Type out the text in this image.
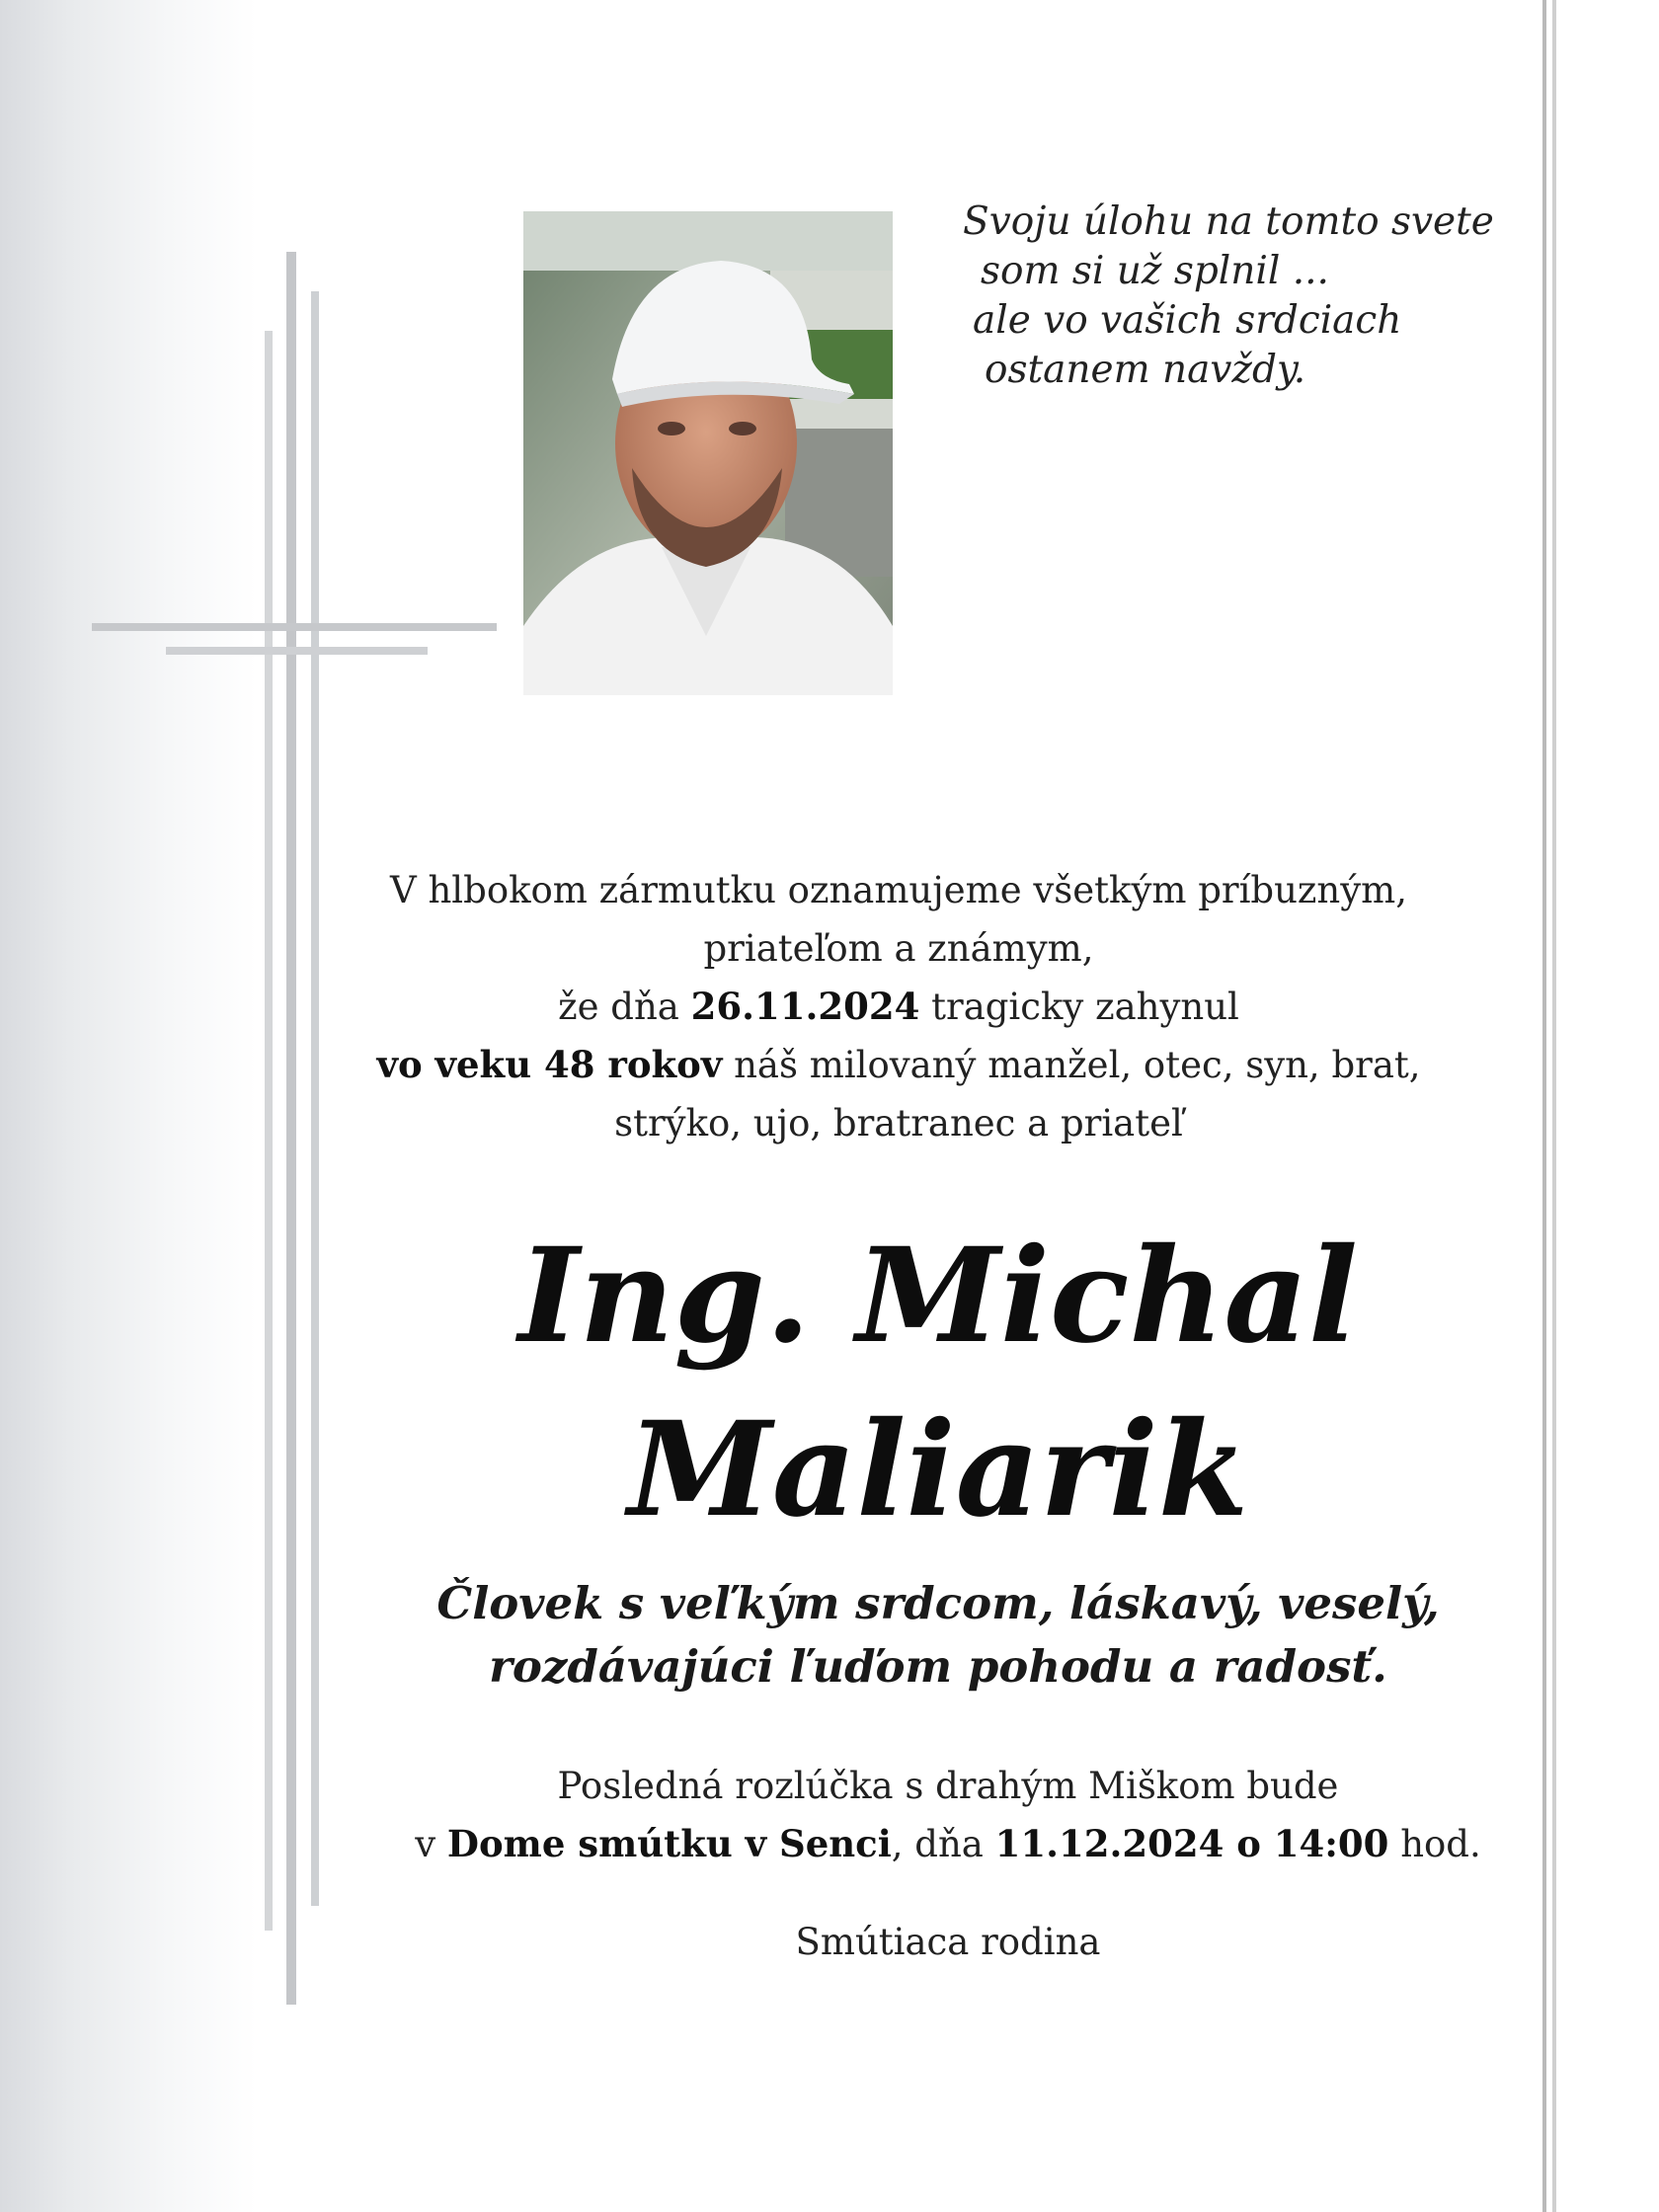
Svoju úlohu na tomto svete
som si už splnil ...
ale vo vašich srdciach
ostanem navždy.
V hlbokom zármutku oznamujeme všetkým príbuzným,
priateľom a známym,
že dňa 26.11.2024 tragicky zahynul
vo veku 48 rokov náš milovaný manžel, otec, syn, brat,
strýko, ujo, bratranec a priateľ
Ing. Michal
Maliarik
Človek s veľkým srdcom, láskavý, veselý,
rozdávajúci ľuďom pohodu a radosť.
Posledná rozlúčka s drahým Miškom bude
v Dome smútku v Senci, dňa 11.12.2024 o 14:00 hod.
Smútiaca rodina
